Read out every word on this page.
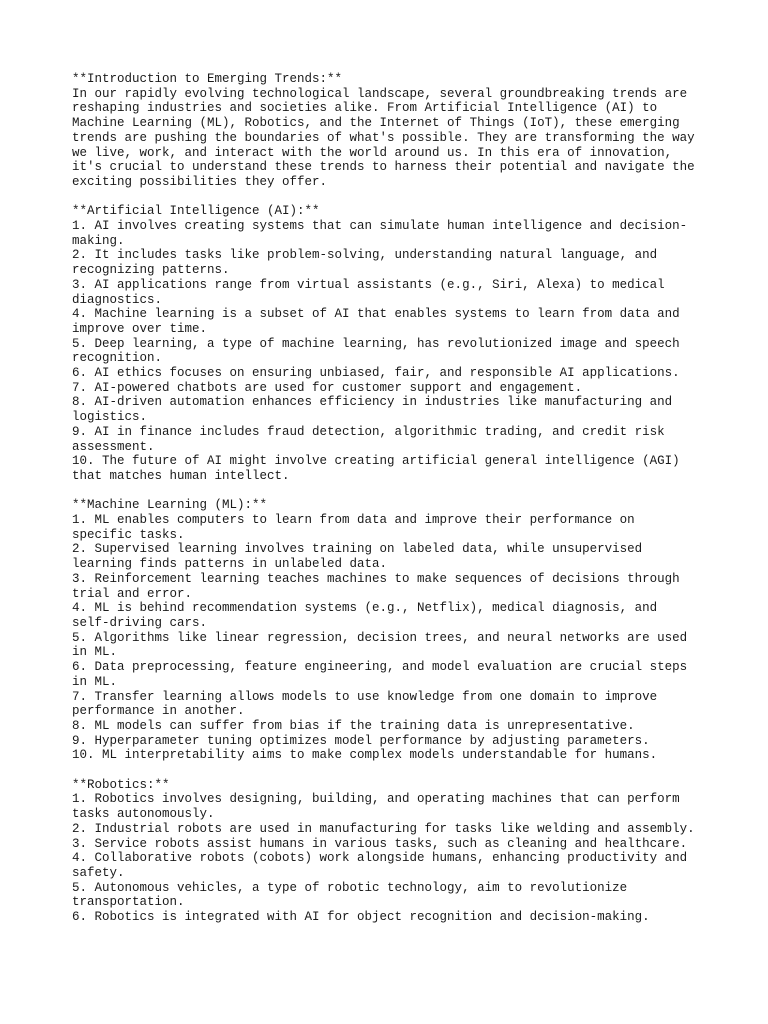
**Introduction to Emerging Trends:**
In our rapidly evolving technological landscape, several groundbreaking trends are
reshaping industries and societies alike. From Artificial Intelligence (AI) to
Machine Learning (ML), Robotics, and the Internet of Things (IoT), these emerging
trends are pushing the boundaries of what's possible. They are transforming the way
we live, work, and interact with the world around us. In this era of innovation,
it's crucial to understand these trends to harness their potential and navigate the
exciting possibilities they offer.
**Artificial Intelligence (AI):**
1. AI involves creating systems that can simulate human intelligence and decision-
making.
2. It includes tasks like problem-solving, understanding natural language, and
recognizing patterns.
3. AI applications range from virtual assistants (e.g., Siri, Alexa) to medical
diagnostics.
4. Machine learning is a subset of AI that enables systems to learn from data and
improve over time.
5. Deep learning, a type of machine learning, has revolutionized image and speech
recognition.
6. AI ethics focuses on ensuring unbiased, fair, and responsible AI applications.
7. AI-powered chatbots are used for customer support and engagement.
8. AI-driven automation enhances efficiency in industries like manufacturing and
logistics.
9. AI in finance includes fraud detection, algorithmic trading, and credit risk
assessment.
10. The future of AI might involve creating artificial general intelligence (AGI)
that matches human intellect.
**Machine Learning (ML):**
1. ML enables computers to learn from data and improve their performance on
specific tasks.
2. Supervised learning involves training on labeled data, while unsupervised
learning finds patterns in unlabeled data.
3. Reinforcement learning teaches machines to make sequences of decisions through
trial and error.
4. ML is behind recommendation systems (e.g., Netflix), medical diagnosis, and
self-driving cars.
5. Algorithms like linear regression, decision trees, and neural networks are used
in ML.
6. Data preprocessing, feature engineering, and model evaluation are crucial steps
in ML.
7. Transfer learning allows models to use knowledge from one domain to improve
performance in another.
8. ML models can suffer from bias if the training data is unrepresentative.
9. Hyperparameter tuning optimizes model performance by adjusting parameters.
10. ML interpretability aims to make complex models understandable for humans.
**Robotics:**
1. Robotics involves designing, building, and operating machines that can perform
tasks autonomously.
2. Industrial robots are used in manufacturing for tasks like welding and assembly.
3. Service robots assist humans in various tasks, such as cleaning and healthcare.
4. Collaborative robots (cobots) work alongside humans, enhancing productivity and
safety.
5. Autonomous vehicles, a type of robotic technology, aim to revolutionize
transportation.
6. Robotics is integrated with AI for object recognition and decision-making.
